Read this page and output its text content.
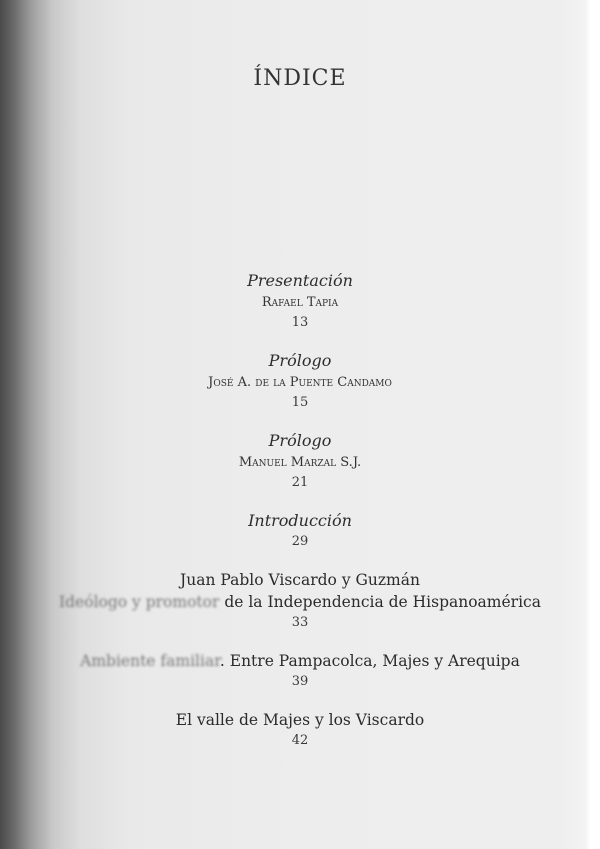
ÍNDICE
Presentación
Rafael Tapia
13
Prólogo
José A. de la Puente Candamo
15
Prólogo
Manuel Marzal S.J.
21
Introducción
29
Juan Pablo Viscardo y Guzmán
Ideólogo y promotor de la Independencia de Hispanoamérica
33
Ambiente familiar. Entre Pampacolca, Majes y Arequipa
39
El valle de Majes y los Viscardo
42
